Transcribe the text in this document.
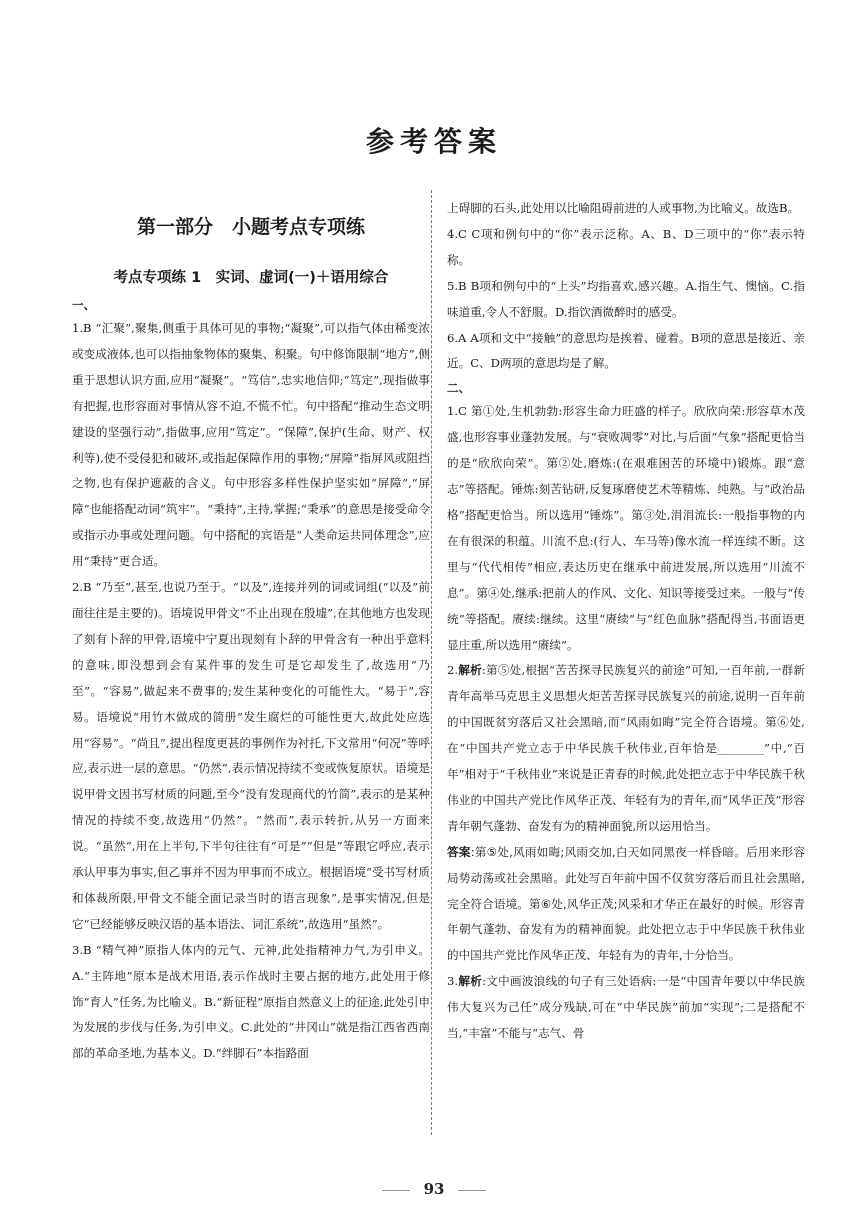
参考答案
第一部分　小题考点专项练
考点专项练 1　实词、虚词(一)＋语用综合
一、

1.B “汇聚”,聚集,侧重于具体可见的事物;“凝聚”,可以指气体由稀变浓或变成液体,也可以指抽象物体的聚集、积聚。句中修饰限制“地方”,侧重于思想认识方面,应用“凝聚”。“笃信”,忠实地信仰;“笃定”,现指做事有把握,也形容面对事情从容不迫,不慌不忙。句中搭配“推动生态文明建设的坚强行动”,指做事,应用“笃定”。“保障”,保护(生命、财产、权利等),使不受侵犯和破坏,或指起保障作用的事物;“屏障”指屏风或阻挡之物,也有保护遮蔽的含义。句中形容多样性保护坚实如“屏障”,“屏障”也能搭配动词“筑牢”。“秉持”,主持,掌握;“秉承”的意思是接受命令或指示办事或处理问题。句中搭配的宾语是“人类命运共同体理念”,应用“秉持”更合适。

2.B “乃至”,甚至,也说乃至于。“以及”,连接并列的词或词组(“以及”前面往往是主要的)。语境说甲骨文“不止出现在殷墟”,在其他地方也发现了刻有卜辞的甲骨,语境中宁夏出现刻有卜辞的甲骨含有一种出乎意料的意味,即没想到会有某件事的发生可是它却发生了,故选用“乃至”。“容易”,做起来不费事的;发生某种变化的可能性大。“易于”,容易。语境说“用竹木做成的简册”发生腐烂的可能性更大,故此处应选用“容易”。“尚且”,提出程度更甚的事例作为衬托,下文常用“何况”等呼应,表示进一层的意思。“仍然”,表示情况持续不变或恢复原状。语境是说甲骨文因书写材质的问题,至今“没有发现商代的竹简”,表示的是某种情况的持续不变,故选用“仍然”。“然而”,表示转折,从另一方面来说。“虽然”,用在上半句,下半句往往有“可是”“但是”等跟它呼应,表示承认甲事为事实,但乙事并不因为甲事而不成立。根据语境“受书写材质和体裁所限,甲骨文不能全面记录当时的语言现象”,是事实情况,但是它“已经能够反映汉语的基本语法、词汇系统”,故选用“虽然”。

3.B “精气神”原指人体内的元气、元神,此处指精神力气,为引申义。A.“主阵地”原本是战术用语,表示作战时主要占据的地方,此处用于修饰“育人”任务,为比喻义。B.“新征程”原指自然意义上的征途,此处引申为发展的步伐与任务,为引申义。C.此处的“井冈山”就是指江西省西南部的革命圣地,为基本义。D.“绊脚石”本指路面

上碍脚的石头,此处用以比喻阻碍前进的人或事物,为比喻义。故选B。

4.C C项和例句中的“你”表示泛称。A、B、D三项中的“你”表示特称。

5.B B项和例句中的“上头”均指喜欢,感兴趣。A.指生气、懊恼。C.指味道重,令人不舒服。D.指饮酒微醉时的感受。

6.A A项和文中“接触”的意思均是挨着、碰着。B项的意思是接近、亲近。C、D两项的意思均是了解。

二、

1.C 第①处,生机勃勃:形容生命力旺盛的样子。欣欣向荣:形容草木茂盛,也形容事业蓬勃发展。与“衰败凋零”对比,与后面“气象”搭配更恰当的是“欣欣向荣”。第②处,磨炼:(在艰难困苦的环境中)锻炼。跟“意志”等搭配。锤炼:刻苦钻研,反复琢磨使艺术等精炼、纯熟。与“政治品格”搭配更恰当。所以选用“锤炼”。第③处,涓涓流长:一般指事物的内在有很深的积蕴。川流不息:(行人、车马等)像水流一样连续不断。这里与“代代相传”相应,表达历史在继承中前进发展,所以选用“川流不息”。第④处,继承:把前人的作风、文化、知识等接受过来。一般与“传统”等搭配。赓续:继续。这里“赓续”与“红色血脉”搭配得当,书面语更显庄重,所以选用“赓续”。

2.解析:第⑤处,根据“苦苦探寻民族复兴的前途”可知,一百年前,一群新青年高举马克思主义思想火炬苦苦探寻民族复兴的前途,说明一百年前的中国既贫穷落后又社会黑暗,而“风雨如晦”完全符合语境。第⑥处,在“中国共产党立志于中华民族千秋伟业,百年恰是________”中,“百年”相对于“千秋伟业”来说是正青春的时候,此处把立志于中华民族千秋伟业的中国共产党比作风华正茂、年轻有为的青年,而“风华正茂”形容青年朝气蓬勃、奋发有为的精神面貌,所以运用恰当。

答案:第⑤处,风雨如晦;风雨交加,白天如同黑夜一样昏暗。后用来形容局势动荡或社会黑暗。此处写百年前中国不仅贫穷落后而且社会黑暗,完全符合语境。第⑥处,风华正茂;风采和才华正在最好的时候。形容青年朝气蓬勃、奋发有为的精神面貌。此处把立志于中华民族千秋伟业的中国共产党比作风华正茂、年轻有为的青年,十分恰当。

3.解析:文中画波浪线的句子有三处语病:一是“中国青年要以中华民族伟大复兴为己任”成分残缺,可在“中华民族”前加“实现”;二是搭配不当,“丰富”不能与“志气、骨

93
